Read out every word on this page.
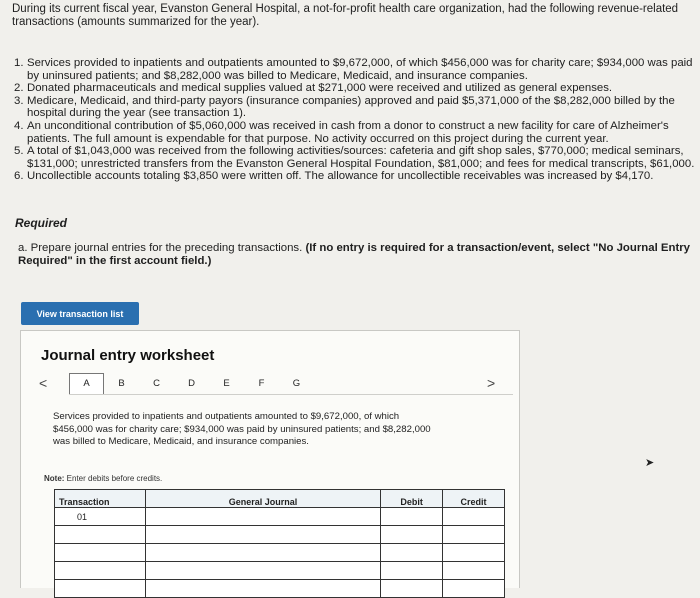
During its current fiscal year, Evanston General Hospital, a not-for-profit health care organization, had the following revenue-related transactions (amounts summarized for the year).
1. Services provided to inpatients and outpatients amounted to $9,672,000, of which $456,000 was for charity care; $934,000 was paid by uninsured patients; and $8,282,000 was billed to Medicare, Medicaid, and insurance companies.
2. Donated pharmaceuticals and medical supplies valued at $271,000 were received and utilized as general expenses.
3. Medicare, Medicaid, and third-party payors (insurance companies) approved and paid $5,371,000 of the $8,282,000 billed by the hospital during the year (see transaction 1).
4. An unconditional contribution of $5,060,000 was received in cash from a donor to construct a new facility for care of Alzheimer's patients. The full amount is expendable for that purpose. No activity occurred on this project during the current year.
5. A total of $1,043,000 was received from the following activities/sources: cafeteria and gift shop sales, $770,000; medical seminars, $131,000; unrestricted transfers from the Evanston General Hospital Foundation, $81,000; and fees for medical transcripts, $61,000.
6. Uncollectible accounts totaling $3,850 were written off. The allowance for uncollectible receivables was increased by $4,170.
Required
a. Prepare journal entries for the preceding transactions. (If no entry is required for a transaction/event, select "No Journal Entry Required" in the first account field.)
View transaction list
Journal entry worksheet
<	A	B	C	D	E	F	G	>
Services provided to inpatients and outpatients amounted to $9,672,000, of which $456,000 was for charity care; $934,000 was paid by uninsured patients; and $8,282,000 was billed to Medicare, Medicaid, and insurance companies.
Note: Enter debits before credits.
Transaction	General Journal	Debit	Credit
01			

➤
